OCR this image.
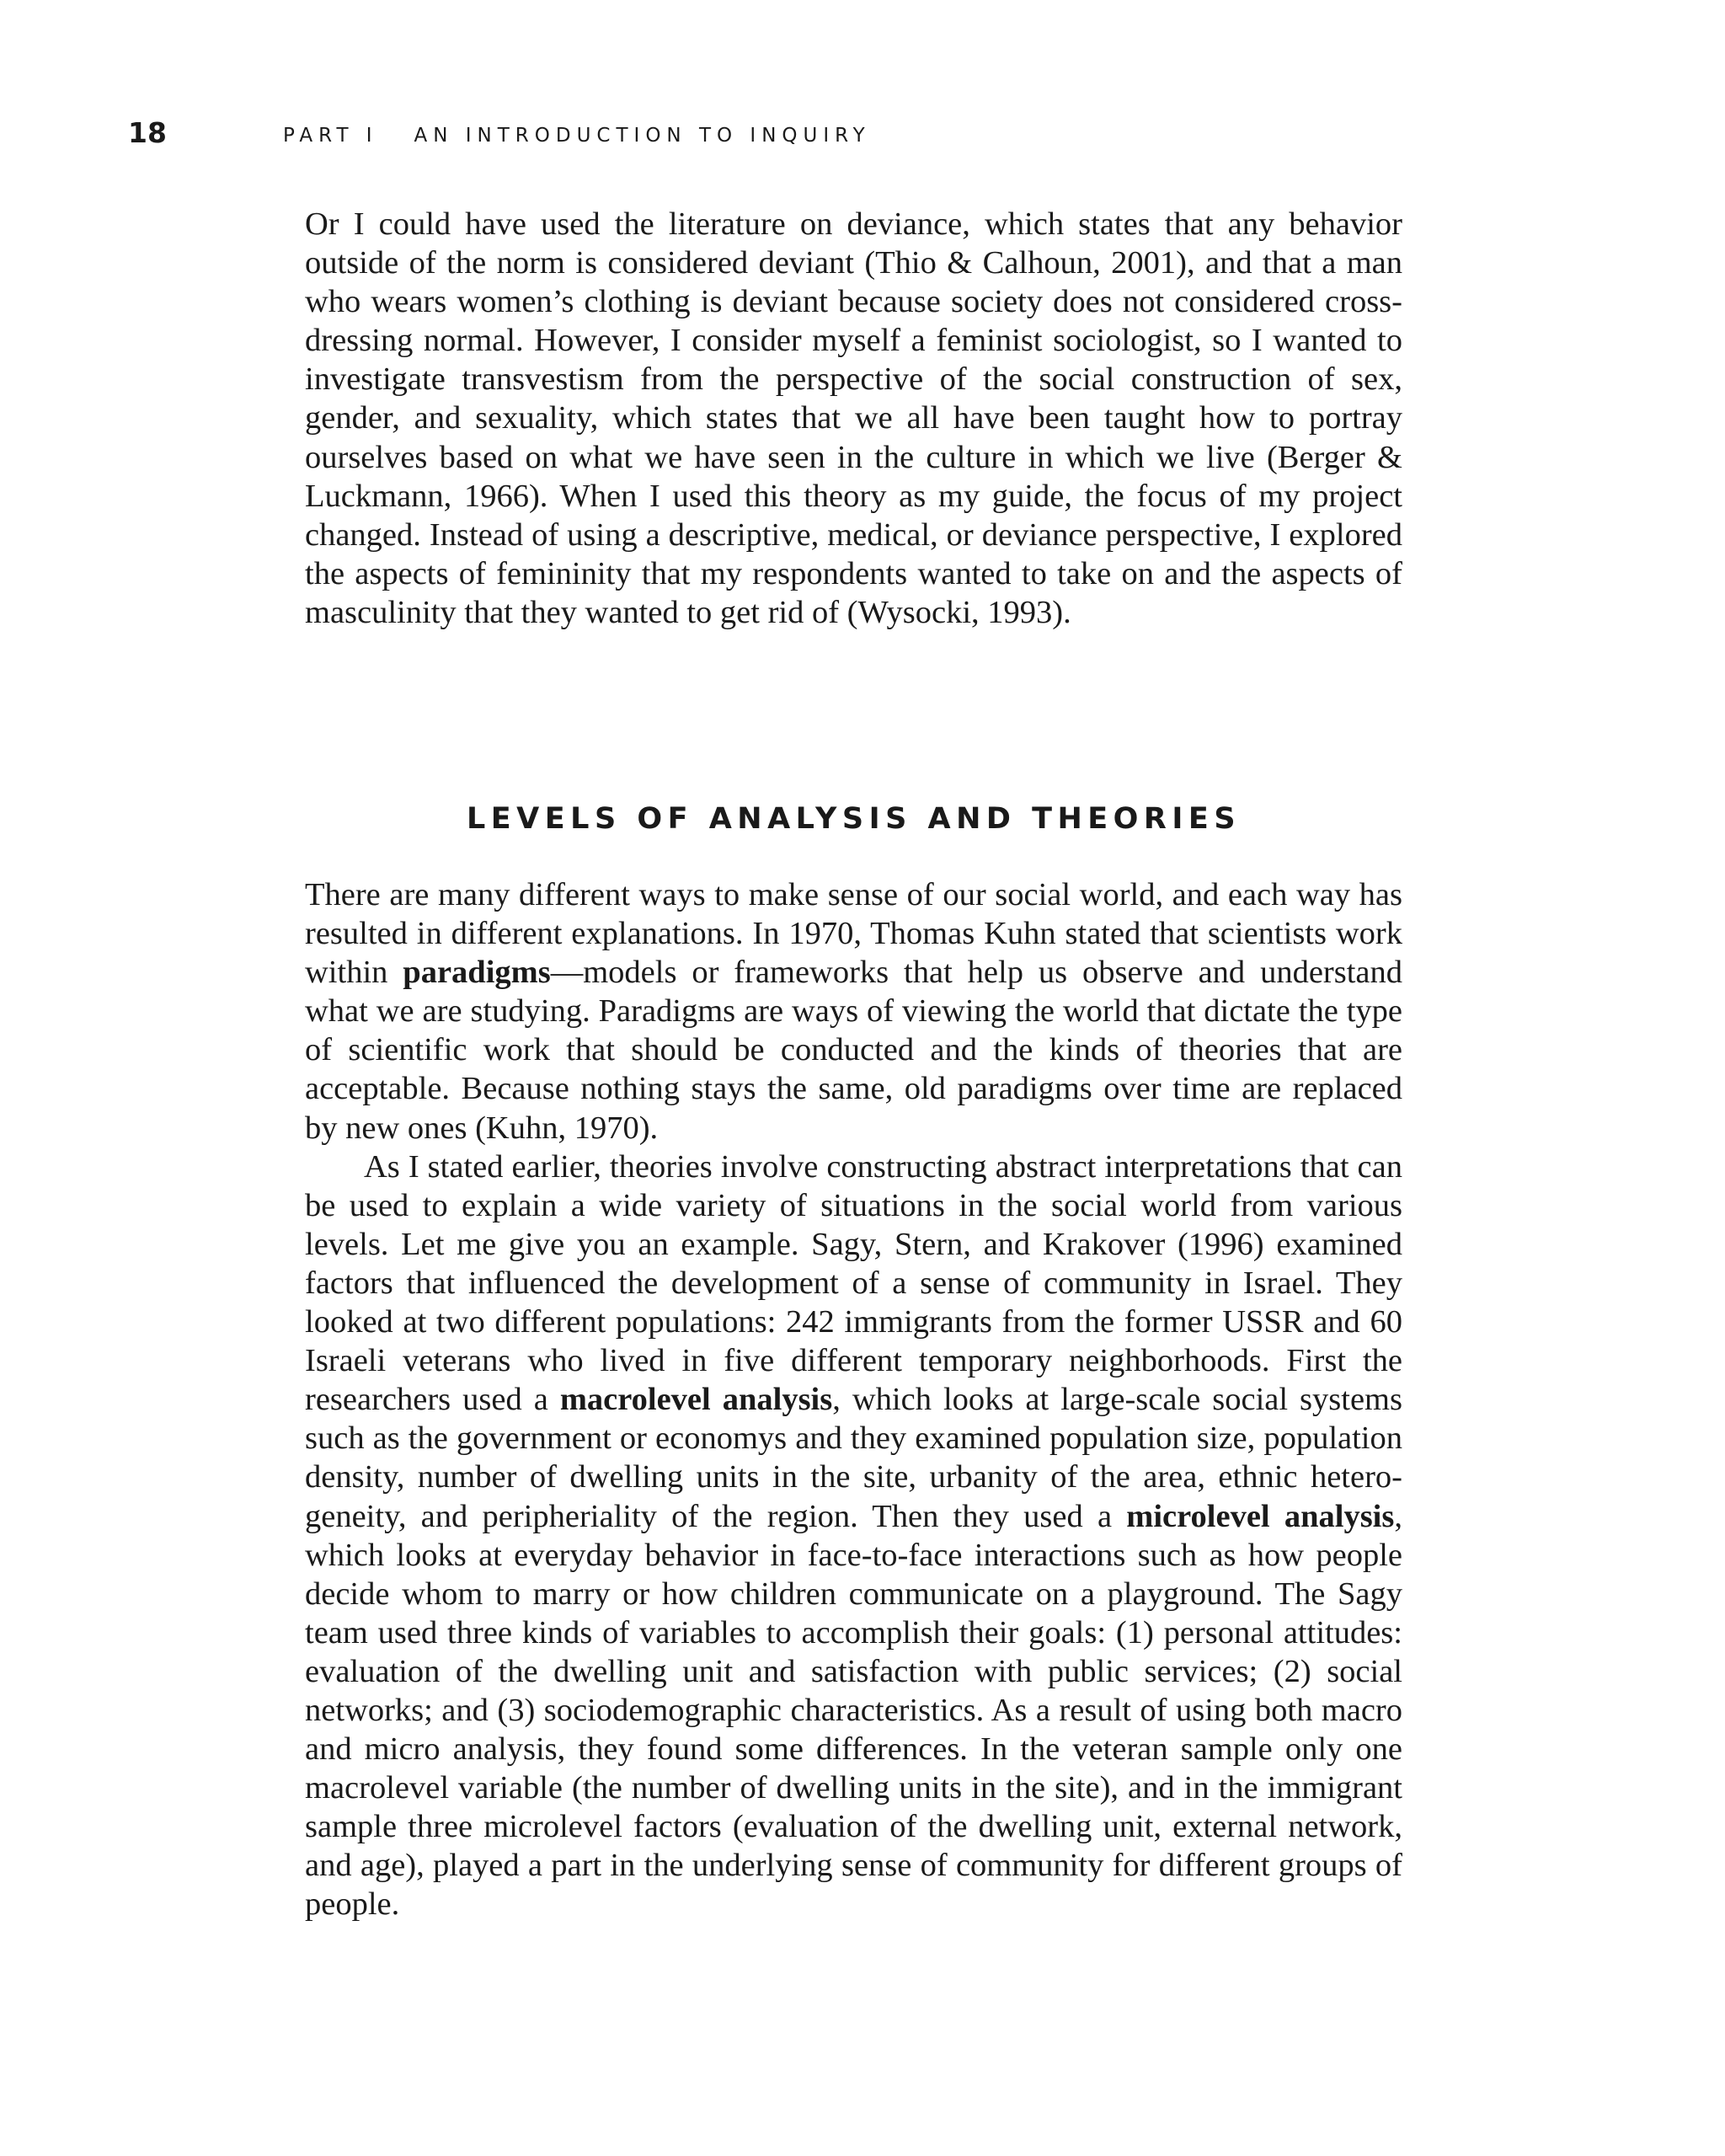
18	PART I   AN INTRODUCTION TO INQUIRY

Or I could have used the literature on deviance, which states that any behavior outside of the norm is considered deviant (Thio & Calhoun, 2001), and that a man who wears women’s clothing is deviant because society does not considered cross-dressing normal. However, I consider myself a feminist sociologist, so I wanted to investigate transvestism from the perspective of the social construction of sex, gender, and sexuality, which states that we all have been taught how to portray ourselves based on what we have seen in the culture in which we live (Berger & Luckmann, 1966). When I used this theory as my guide, the focus of my project changed. Instead of using a descriptive, medical, or deviance perspective, I explored the aspects of femininity that my respondents wanted to take on and the aspects of masculinity that they wanted to get rid of (Wysocki, 1993).

LEVELS OF ANALYSIS AND THEORIES

There are many different ways to make sense of our social world, and each way has resulted in different explanations. In 1970, Thomas Kuhn stated that scientists work within paradigms—models or frameworks that help us observe and understand what we are studying. Paradigms are ways of viewing the world that dictate the type of scientific work that should be conducted and the kinds of theories that are acceptable. Because nothing stays the same, old paradigms over time are replaced by new ones (Kuhn, 1970).

As I stated earlier, theories involve constructing abstract interpretations that can be used to explain a wide variety of situations in the social world from various levels. Let me give you an example. Sagy, Stern, and Krakover (1996) examined factors that influenced the development of a sense of community in Israel. They looked at two different populations: 242 immigrants from the former USSR and 60 Israeli veterans who lived in five different temporary neighborhoods. First the researchers used a macrolevel analysis, which looks at large-scale social systems such as the government or economys and they examined population size, population density, number of dwelling units in the site, urbanity of the area, ethnic heterogeneity, and peripheriality of the region. Then they used a microlevel analysis, which looks at everyday behavior in face-to-face interactions such as how people decide whom to marry or how children communicate on a playground. The Sagy team used three kinds of variables to accomplish their goals: (1) personal attitudes: evaluation of the dwelling unit and satisfaction with public services; (2) social networks; and (3) sociodemographic characteristics. As a result of using both macro and micro analysis, they found some differences. In the veteran sample only one macrolevel variable (the number of dwelling units in the site), and in the immigrant sample three microlevel factors (evaluation of the dwelling unit, external network, and age), played a part in the underlying sense of community for different groups of people.
